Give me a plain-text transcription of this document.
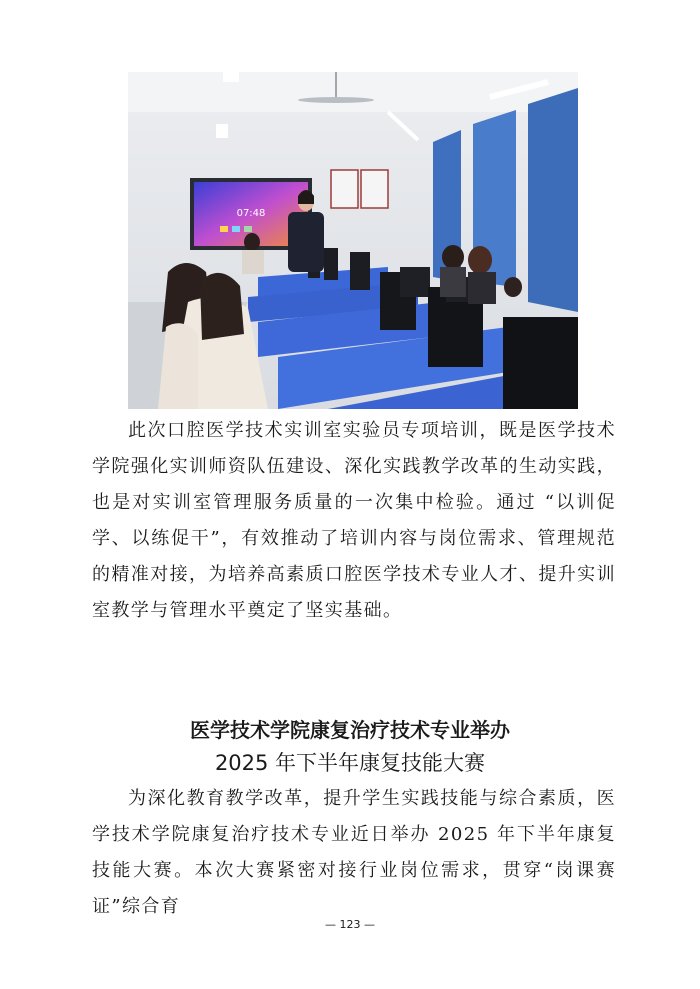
07:48

此次口腔医学技术实训室实验员专项培训，既是医学技术学院强化实训师资队伍建设、深化实践教学改革的生动实践，也是对实训室管理服务质量的一次集中检验。通过 “以训促学、以练促干”，有效推动了培训内容与岗位需求、管理规范的精准对接，为培养高素质口腔医学技术专业人才、提升实训室教学与管理水平奠定了坚实基础。

医学技术学院康复治疗技术专业举办
2025 年下半年康复技能大赛

为深化教育教学改革，提升学生实践技能与综合素质，医学技术学院康复治疗技术专业近日举办 2025 年下半年康复技能大赛。本次大赛紧密对接行业岗位需求，贯穿“岗课赛证”综合育

— 123 —
